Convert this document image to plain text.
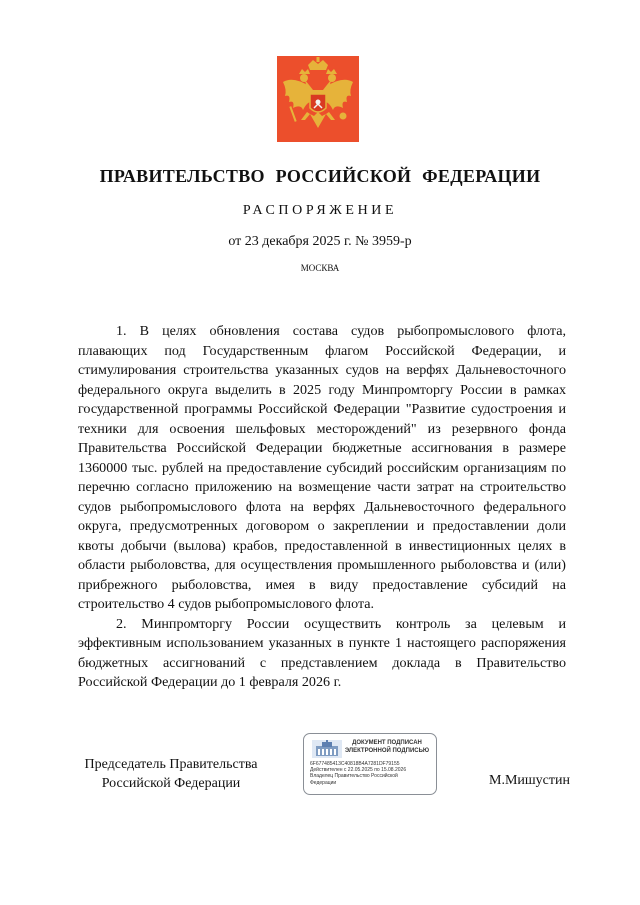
ПРАВИТЕЛЬСТВО РОССИЙСКОЙ ФЕДЕРАЦИИ
РАСПОРЯЖЕНИЕ
от 23 декабря 2025 г. № 3959-р
МОСКВА

1. В целях обновления состава судов рыбопромыслового флота, плавающих под Государственным флагом Российской Федерации, и стимулирования строительства указанных судов на верфях Дальневосточного федерального округа выделить в 2025 году Минпромторгу России в рамках государственной программы Российской Федерации "Развитие судостроения и техники для освоения шельфовых месторождений" из резервного фонда Правительства Российской Федерации бюджетные ассигнования в размере 1360000 тыс. рублей на предоставление субсидий российским организациям по перечню согласно приложению на возмещение части затрат на строительство судов рыбопромыслового флота на верфях Дальневосточного федерального округа, предусмотренных договором о закреплении и предоставлении доли квоты добычи (вылова) крабов, предоставленной в инвестиционных целях в области рыболовства, для осуществления промышленного рыболовства и (или) прибрежного рыболовства, имея в виду предоставление субсидий на строительство 4 судов рыбопромыслового флота.

2. Минпромторгу России осуществить контроль за целевым и эффективным использованием указанных в пункте 1 настоящего распоряжения бюджетных ассигнований с представлением доклада в Правительство Российской Федерации до 1 февраля 2026 г.

Председатель Правительства
Российской Федерации
ДОКУМЕНТ ПОДПИСАН
ЭЛЕКТРОННОЙ ПОДПИСЬЮ
6F677485413C40818B4A7281DF79155
Действителен с 22.05.2025 по 15.08.2026
Владелец Правительство Российской
Федерации	М.Мишустин
